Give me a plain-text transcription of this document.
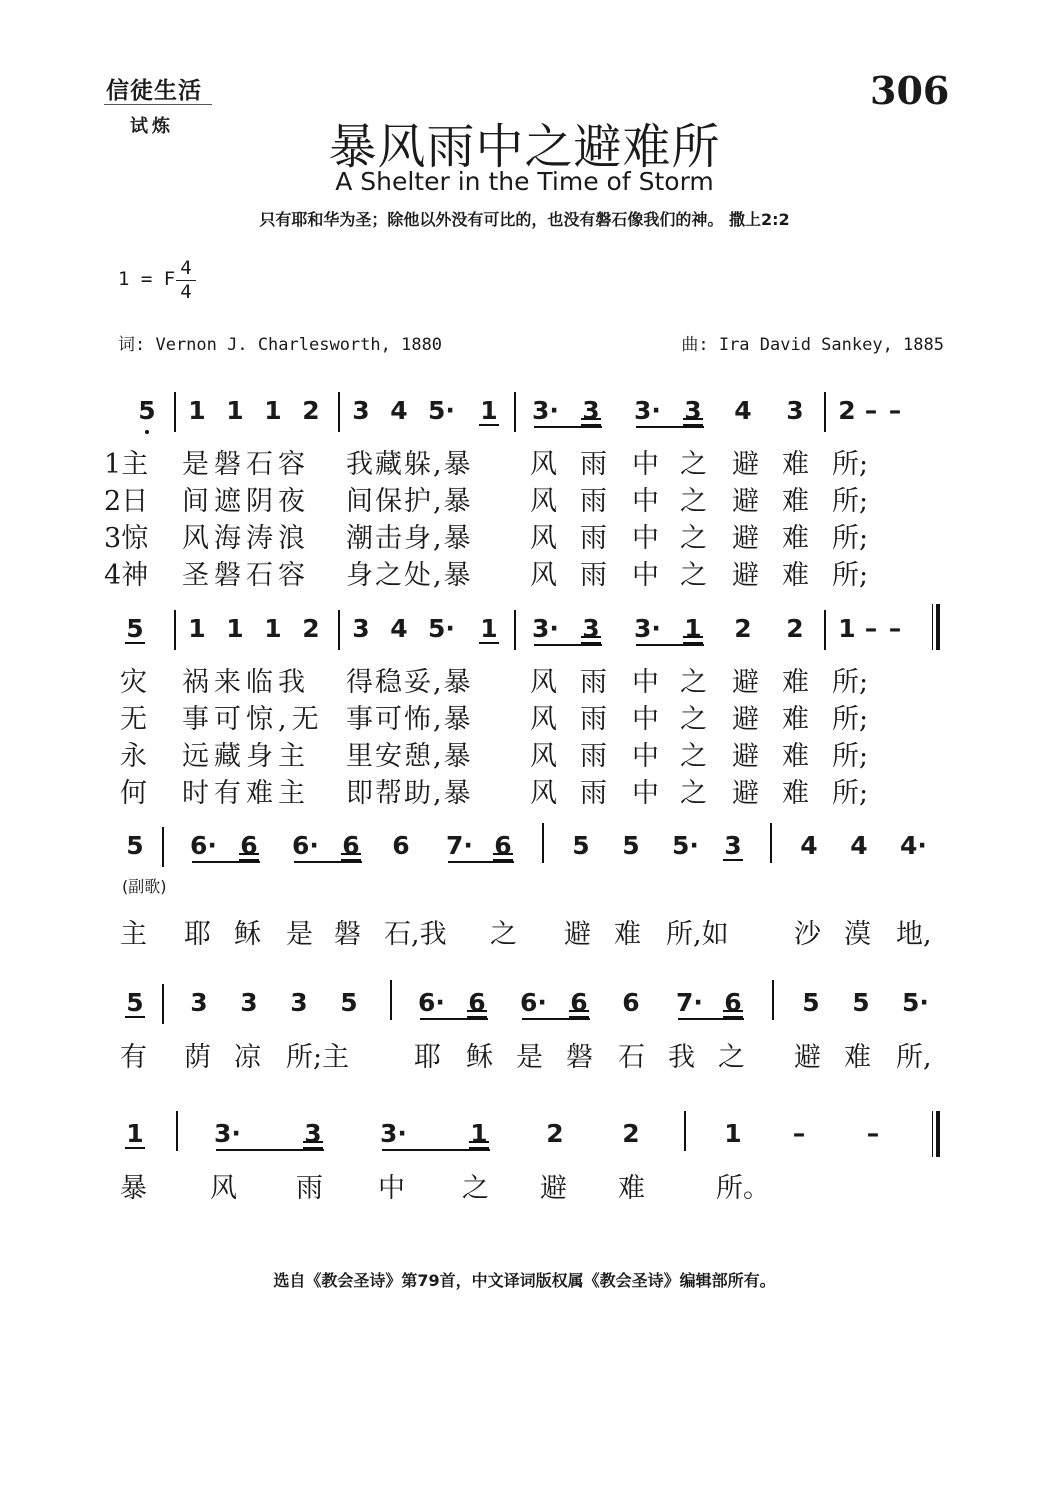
信徒生活
试炼
306
暴风雨中之避难所
A Shelter in the Time of Storm
只有耶和华为圣；除他以外没有可比的，也没有磐石像我们的神。 撒上2:2
1 = F 4
4
词: Vernon J. Charlesworth, 1880	曲: Ira David Sankey, 1885
5 1 1 1 2 3 4 5· 1 3· 3 3· 3 4 3 2 – –
1主 是磐石容 我藏躲,暴 风 雨 中 之 避 难 所;
2日 间遮阴夜 间保护,暴 风 雨 中 之 避 难 所;
3惊 风海涛浪 潮击身,暴 风 雨 中 之 避 难 所;
4神 圣磐石容 身之处,暴 风 雨 中 之 避 难 所;
5 1 1 1 2 3 4 5· 1 3· 3 3· 1 2 2 1 – –
灾 祸来临我 得稳妥,暴 风 雨 中 之 避 难 所;
无 事可惊,无 事可怖,暴 风 雨 中 之 避 难 所;
永 远藏身主 里安憩,暴 风 雨 中 之 避 难 所;
何 时有难主 即帮助,暴 风 雨 中 之 避 难 所;
5 6· 6 6· 6 6 7· 6 5 5 5· 3 4 4 4·
(副歌)
主 耶 稣 是 磐 石,我 之 避 难 所,如 沙 漠 地,
5 3 3 3 5 6· 6 6· 6 6 7· 6 5 5 5·
有 荫 凉 所;主 耶 稣 是 磐 石 我 之 避 难 所,
1	3·	3 3·	1 2 2	1 – –
暴 风 雨 中 之 避 难	所。
选自《教会圣诗》第79首，中文译词版权属《教会圣诗》编辑部所有。
